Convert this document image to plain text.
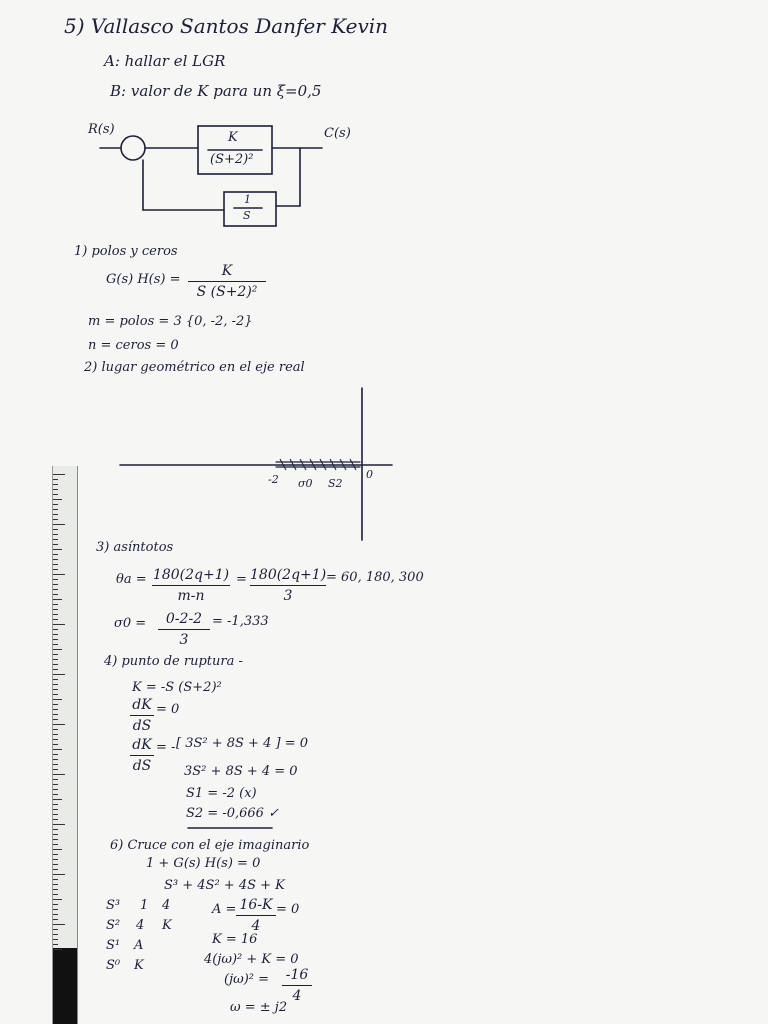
5) Vallasco Santos Danfer Kevin
A: hallar el LGR
B: valor de K para un ξ=0,5
R(s)	C(s)
K
(S+2)²
1
S
1) polos y ceros
G(s) H(s) =
K
S (S+2)²
m = polos = 3 {0, -2, -2}
n = ceros = 0
2) lugar geométrico en el eje real
-2 σ0 S2
0
3) asíntotos
θa = 180(2q+1)
m-n
= 180(2q+1)
3
= 60, 180, 300
σ0 =	0-2-2
3
= -1,333
4) punto de ruptura -
K = -S (S+2)²
dK
dS
= 0
dK
dS
= - [ 3S² + 8S + 4 ] = 0
3S² + 8S + 4 = 0
S1 = -2 (x)
S2 = -0,666 ✓
6) Cruce con el eje imaginario
1 + G(s) H(s) = 0
S³ + 4S² + 4S + K
S³ 1 4
S² 4 K
S¹ A
S⁰ K
A = 16-K
4
= 0
K = 16
4(jω)² + K = 0
(jω)² = -16
4
ω = ± j2
